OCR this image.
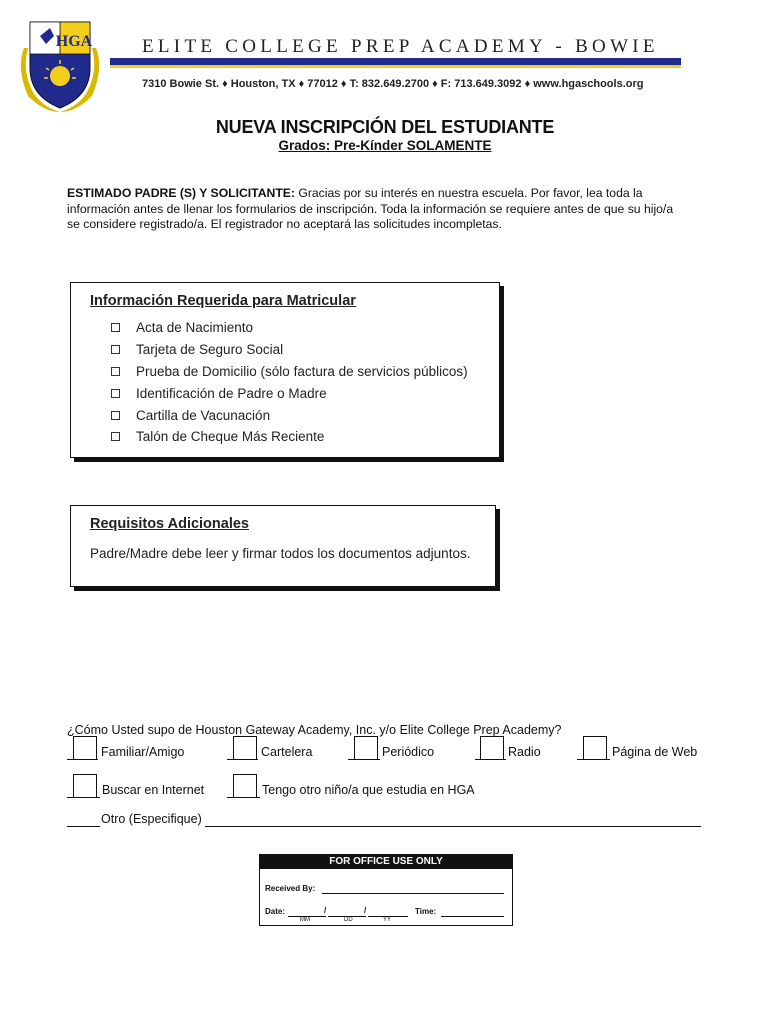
HGA	ELITE COLLEGE PREP ACADEMY - BOWIE
7310 Bowie St. ♦ Houston, TX ♦ 77012 ♦ T: 832.649.2700 ♦ F: 713.649.3092 ♦ www.hgaschools.org
NUEVA INSCRIPCIÓN DEL ESTUDIANTE
Grados: Pre-Kínder SOLAMENTE
ESTIMADO PADRE (S) Y SOLICITANTE: Gracias por su interés en nuestra escuela. Por favor, lea toda la información antes de llenar los formularios de inscripción. Toda la información se requiere antes de que su hijo/a se considere registrado/a. El registrador no aceptará las solicitudes incompletas.
Información Requerida para Matricular
Acta de Nacimiento
Tarjeta de Seguro Social
Prueba de Domicilio (sólo factura de servicios públicos)
Identificación de Padre o Madre
Cartilla de Vacunación
Talón de Cheque Más Reciente
Requisitos Adicionales
Padre/Madre debe leer y firmar todos los documentos adjuntos.
¿Cómo Usted supo de Houston Gateway Academy, Inc. y/o Elite College Prep Academy?
Familiar/Amigo	Cartelera	Periódico	Radio	Página de Web
Buscar en Internet	Tengo otro niño/a que estudia en HGA
Otro (Especifique)
FOR OFFICE USE ONLY
Received By:
Date:	/	/
MM	DD	YY
Time:
